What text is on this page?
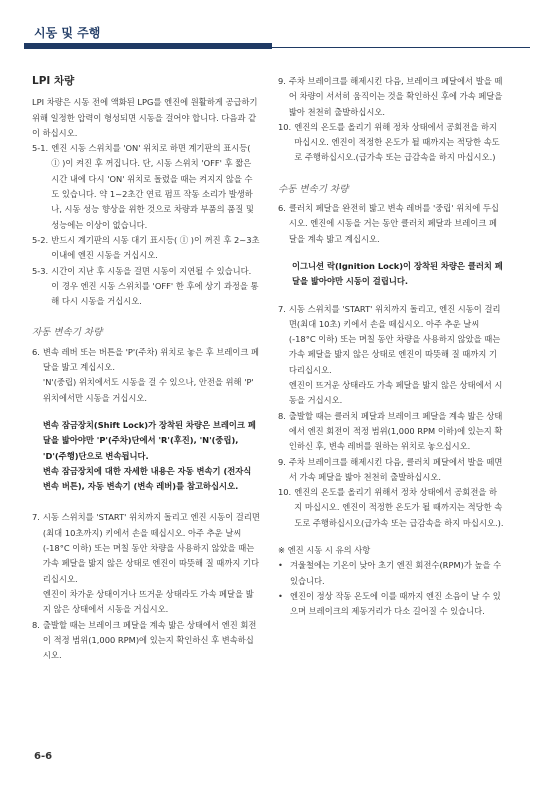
시동 및 주행
LPI 차량

LPI 차량은 시동 전에 액화된 LPG를 엔진에 원활하게 공급하기 위해 일정한 압력이 형성되면 시동을 걸어야 합니다. 다음과 같이 하십시오.

5-1. 엔진 시동 스위치를 'ON' 위치로 하면 계기판의 표시등( ⓛ )이 켜진 후 꺼집니다. 단, 시동 스위치 'OFF' 후 짧은 시간 내에 다시 'ON' 위치로 돌렸을 때는 켜지지 않을 수도 있습니다. 약 1~2초간 연료 펌프 작동 소리가 발생하나, 시동 성능 향상을 위한 것으로 차량과 부품의 품질 및 성능에는 이상이 없습니다.
5-2. 반드시 계기판의 시동 대기 표시등( ⓛ )이 꺼진 후 2~3초 이내에 엔진 시동을 거십시오.
5-3. 시간이 지난 후 시동을 걸면 시동이 지연될 수 있습니다. 이 경우 엔진 시동 스위치를 'OFF' 한 후에 상기 과정을 통해 다시 시동을 거십시오.
자동 변속기 차량
6. 변속 레버 또는 버튼을 'P'(주차) 위치로 놓은 후 브레이크 페달을 밟고 계십시오.

'N'(중립) 위치에서도 시동을 걸 수 있으나, 안전을 위해 'P' 위치에서만 시동을 거십시오.

변속 잠금장치(Shift Lock)가 장착된 차량은 브레이크 페달을 밟아야만 'P'(주차)단에서 'R'(후진), 'N'(중립), 'D'(주행)단으로 변속됩니다.

변속 잠금장치에 대한 자세한 내용은 자동 변속기 (전자식 변속 버튼), 자동 변속기 (변속 레버)를 참고하십시오.

7. 시동 스위치를 'START' 위치까지 돌리고 엔진 시동이 걸리면 (최대 10초까지) 키에서 손을 떼십시오. 아주 추운 날씨(-18°C 이하) 또는 며칠 동안 차량을 사용하지 않았을 때는 가속 페달을 밟지 않은 상태로 엔진이 따뜻해 질 때까지 기다리십시오.

엔진이 차가운 상태이거나 뜨거운 상태라도 가속 페달을 밟지 않은 상태에서 시동을 거십시오.

8. 출발할 때는 브레이크 페달을 계속 밟은 상태에서 엔진 회전이 적정 범위(1,000 RPM)에 있는지 확인하신 후 변속하십시오.
9. 주차 브레이크를 해제시킨 다음, 브레이크 페달에서 발을 떼어 차량이 서서히 움직이는 것을 확인하신 후에 가속 페달을 밟아 천천히 출발하십시오.
10. 엔진의 온도를 올리기 위해 정차 상태에서 공회전을 하지 마십시오. 엔진이 적정한 온도가 될 때까지는 적당한 속도로 주행하십시오.(급가속 또는 급감속을 하지 마십시오.)
수동 변속기 차량
6. 클러치 페달을 완전히 밟고 변속 레버를 '중립' 위치에 두십시오. 엔진에 시동을 거는 동안 클러치 페달과 브레이크 페달을 계속 밟고 계십시오.

이그니션 락(Ignition Lock)이 장착된 차량은 클러치 페달을 밟아야만 시동이 걸립니다.

7. 시동 스위치를 'START' 위치까지 돌리고, 엔진 시동이 걸리면(최대 10초) 키에서 손을 떼십시오. 아주 추운 날씨(-18°C 이하) 또는 며칠 동안 차량을 사용하지 않았을 때는 가속 페달을 밟지 않은 상태로 엔진이 따뜻해 질 때까지 기다리십시오.

엔진이 뜨거운 상태라도 가속 페달을 밟지 않은 상태에서 시동을 거십시오.

8. 출발할 때는 클러치 페달과 브레이크 페달을 계속 밟은 상태에서 엔진 회전이 적정 범위(1,000 RPM 이하)에 있는지 확인하신 후, 변속 레버를 원하는 위치로 놓으십시오.
9. 주차 브레이크를 해제시킨 다음, 클러치 페달에서 발을 떼면서 가속 페달을 밟아 천천히 출발하십시오.
10. 엔진의 온도를 올리기 위해서 정차 상태에서 공회전을 하지 마십시오. 엔진이 적정한 온도가 될 때까지는 적당한 속도로 주행하십시오(급가속 또는 급감속을 하지 마십시오.).

※ 엔진 시동 시 유의 사항

• 겨울철에는 기온이 낮아 초기 엔진 회전수(RPM)가 높을 수 있습니다.
• 엔진이 정상 작동 온도에 이를 때까지 엔진 소음이 날 수 있으며 브레이크의 제동거리가 다소 길어질 수 있습니다.
6-6
